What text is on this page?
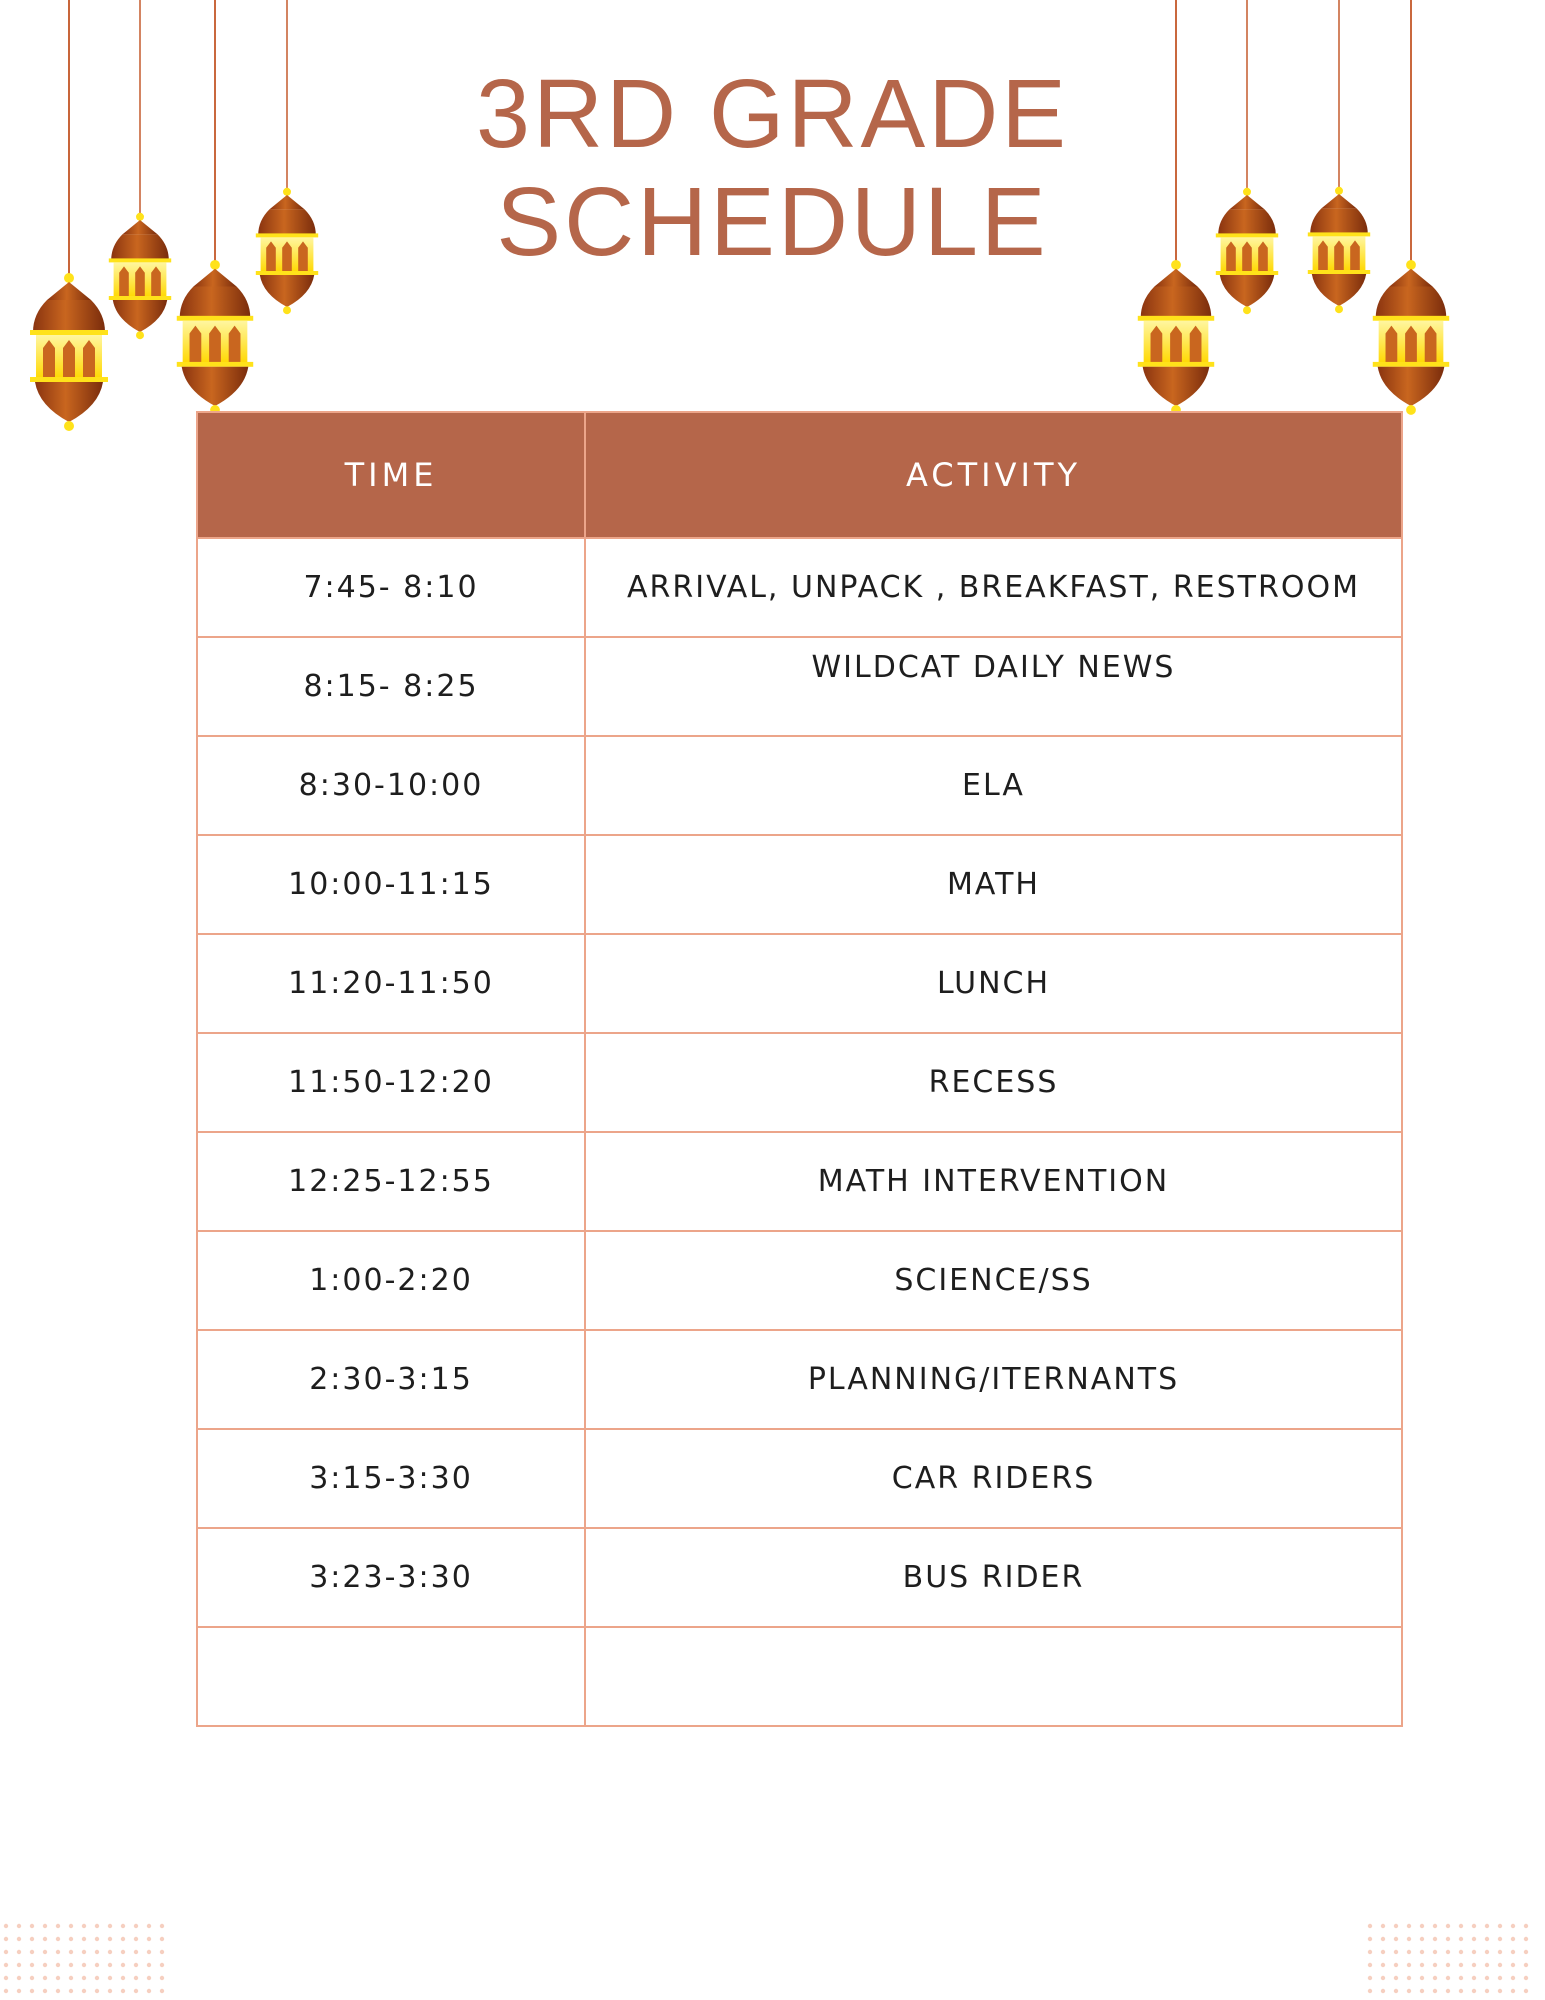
3RD GRADE
SCHEDULE
TIME	ACTIVITY
7:45- 8:10	ARRIVAL, UNPACK , BREAKFAST, RESTROOM
8:15- 8:25	WILDCAT DAILY NEWS
8:30-10:00	ELA
10:00-11:15	MATH
11:20-11:50	LUNCH
11:50-12:20	RECESS
12:25-12:55	MATH INTERVENTION
1:00-2:20	SCIENCE/SS
2:30-3:15	PLANNING/ITERNANTS
3:15-3:30	CAR RIDERS
3:23-3:30	BUS RIDER
